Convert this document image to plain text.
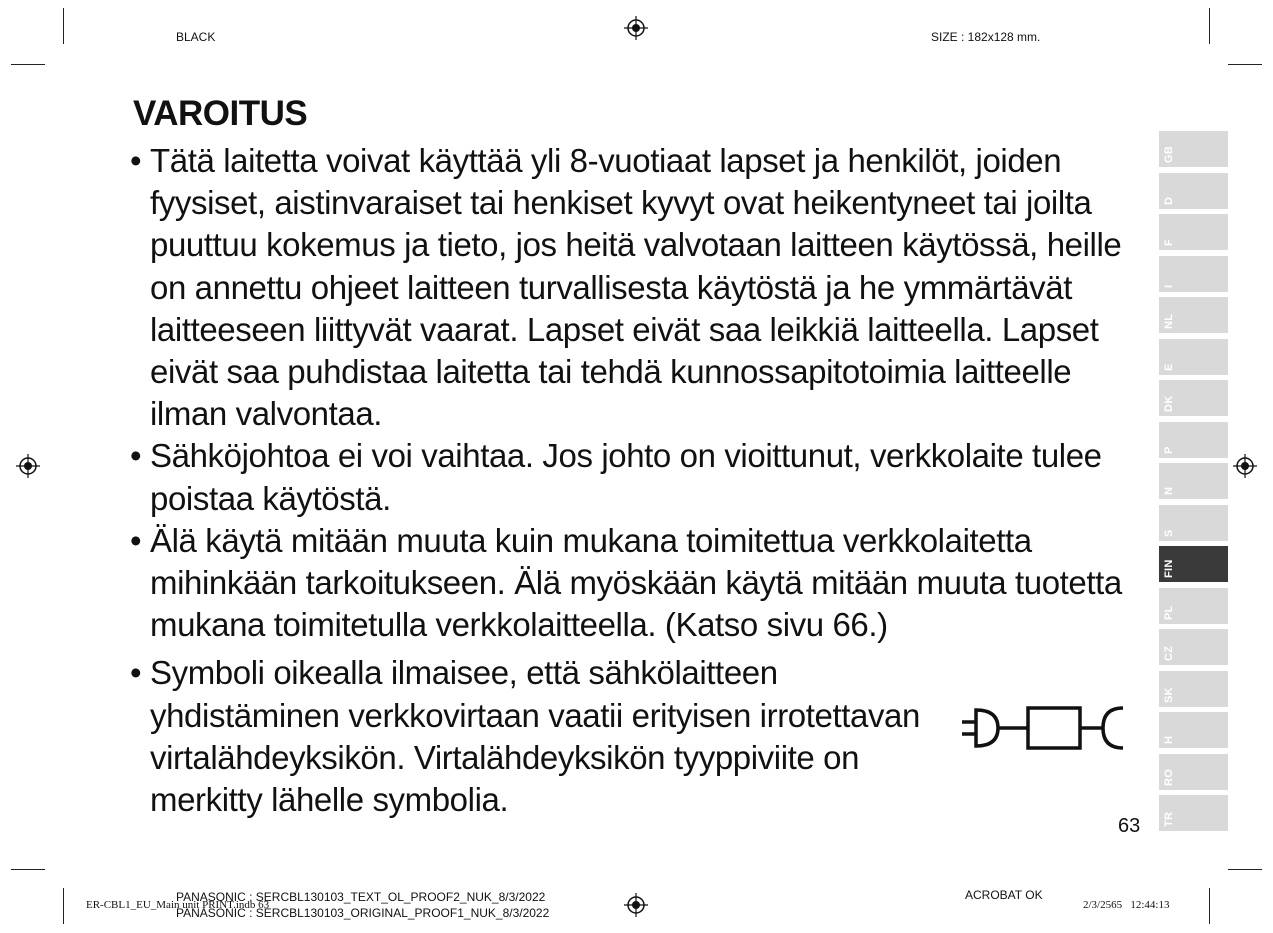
BLACK	SIZE : 182x128 mm.
VAROITUS
• Tätä laitetta voivat käyttää yli 8-vuotiaat lapset ja henkilöt, joiden fyysiset, aistinvaraiset tai henkiset kyvyt ovat heikentyneet tai joilta puuttuu kokemus ja tieto, jos heitä valvotaan laitteen käytössä, heille on annettu ohjeet laitteen turvallisesta käytöstä ja he ymmärtävät laitteeseen liittyvät vaarat. Lapset eivät saa leikkiä laitteella. Lapset eivät saa puhdistaa laitetta tai tehdä kunnossapitotoimia laitteelle ilman valvontaa.
• Sähköjohtoa ei voi vaihtaa. Jos johto on vioittunut, verkkolaite tulee poistaa käytöstä.
• Älä käytä mitään muuta kuin mukana toimitettua verkkolaitetta mihinkään tarkoitukseen. Älä myöskään käytä mitään muuta tuotetta mukana toimitetulla verkkolaitteella. (Katso sivu 66.)
• Symboli oikealla ilmaisee, että sähkölaitteen yhdistäminen verkkovirtaan vaatii erityisen irrotettavan virtalähdeyksikön. Virtalähdeyksikön tyyppiviite on merkitty lähelle symbolia.
GB
D
F
I
NL
E
DK
P
N
S
FIN
PL
CZ
SK
H
RO
TR
63
ER-CBL1_EU_Main unit PRINT.indb 63
PANASONIC : SERCBL130103_TEXT_OL_PROOF2_NUK_8/3/2022
PANASONIC : SERCBL130103_ORIGINAL_PROOF1_NUK_8/3/2022
ACROBAT OK
2/3/2565   12:44:13
